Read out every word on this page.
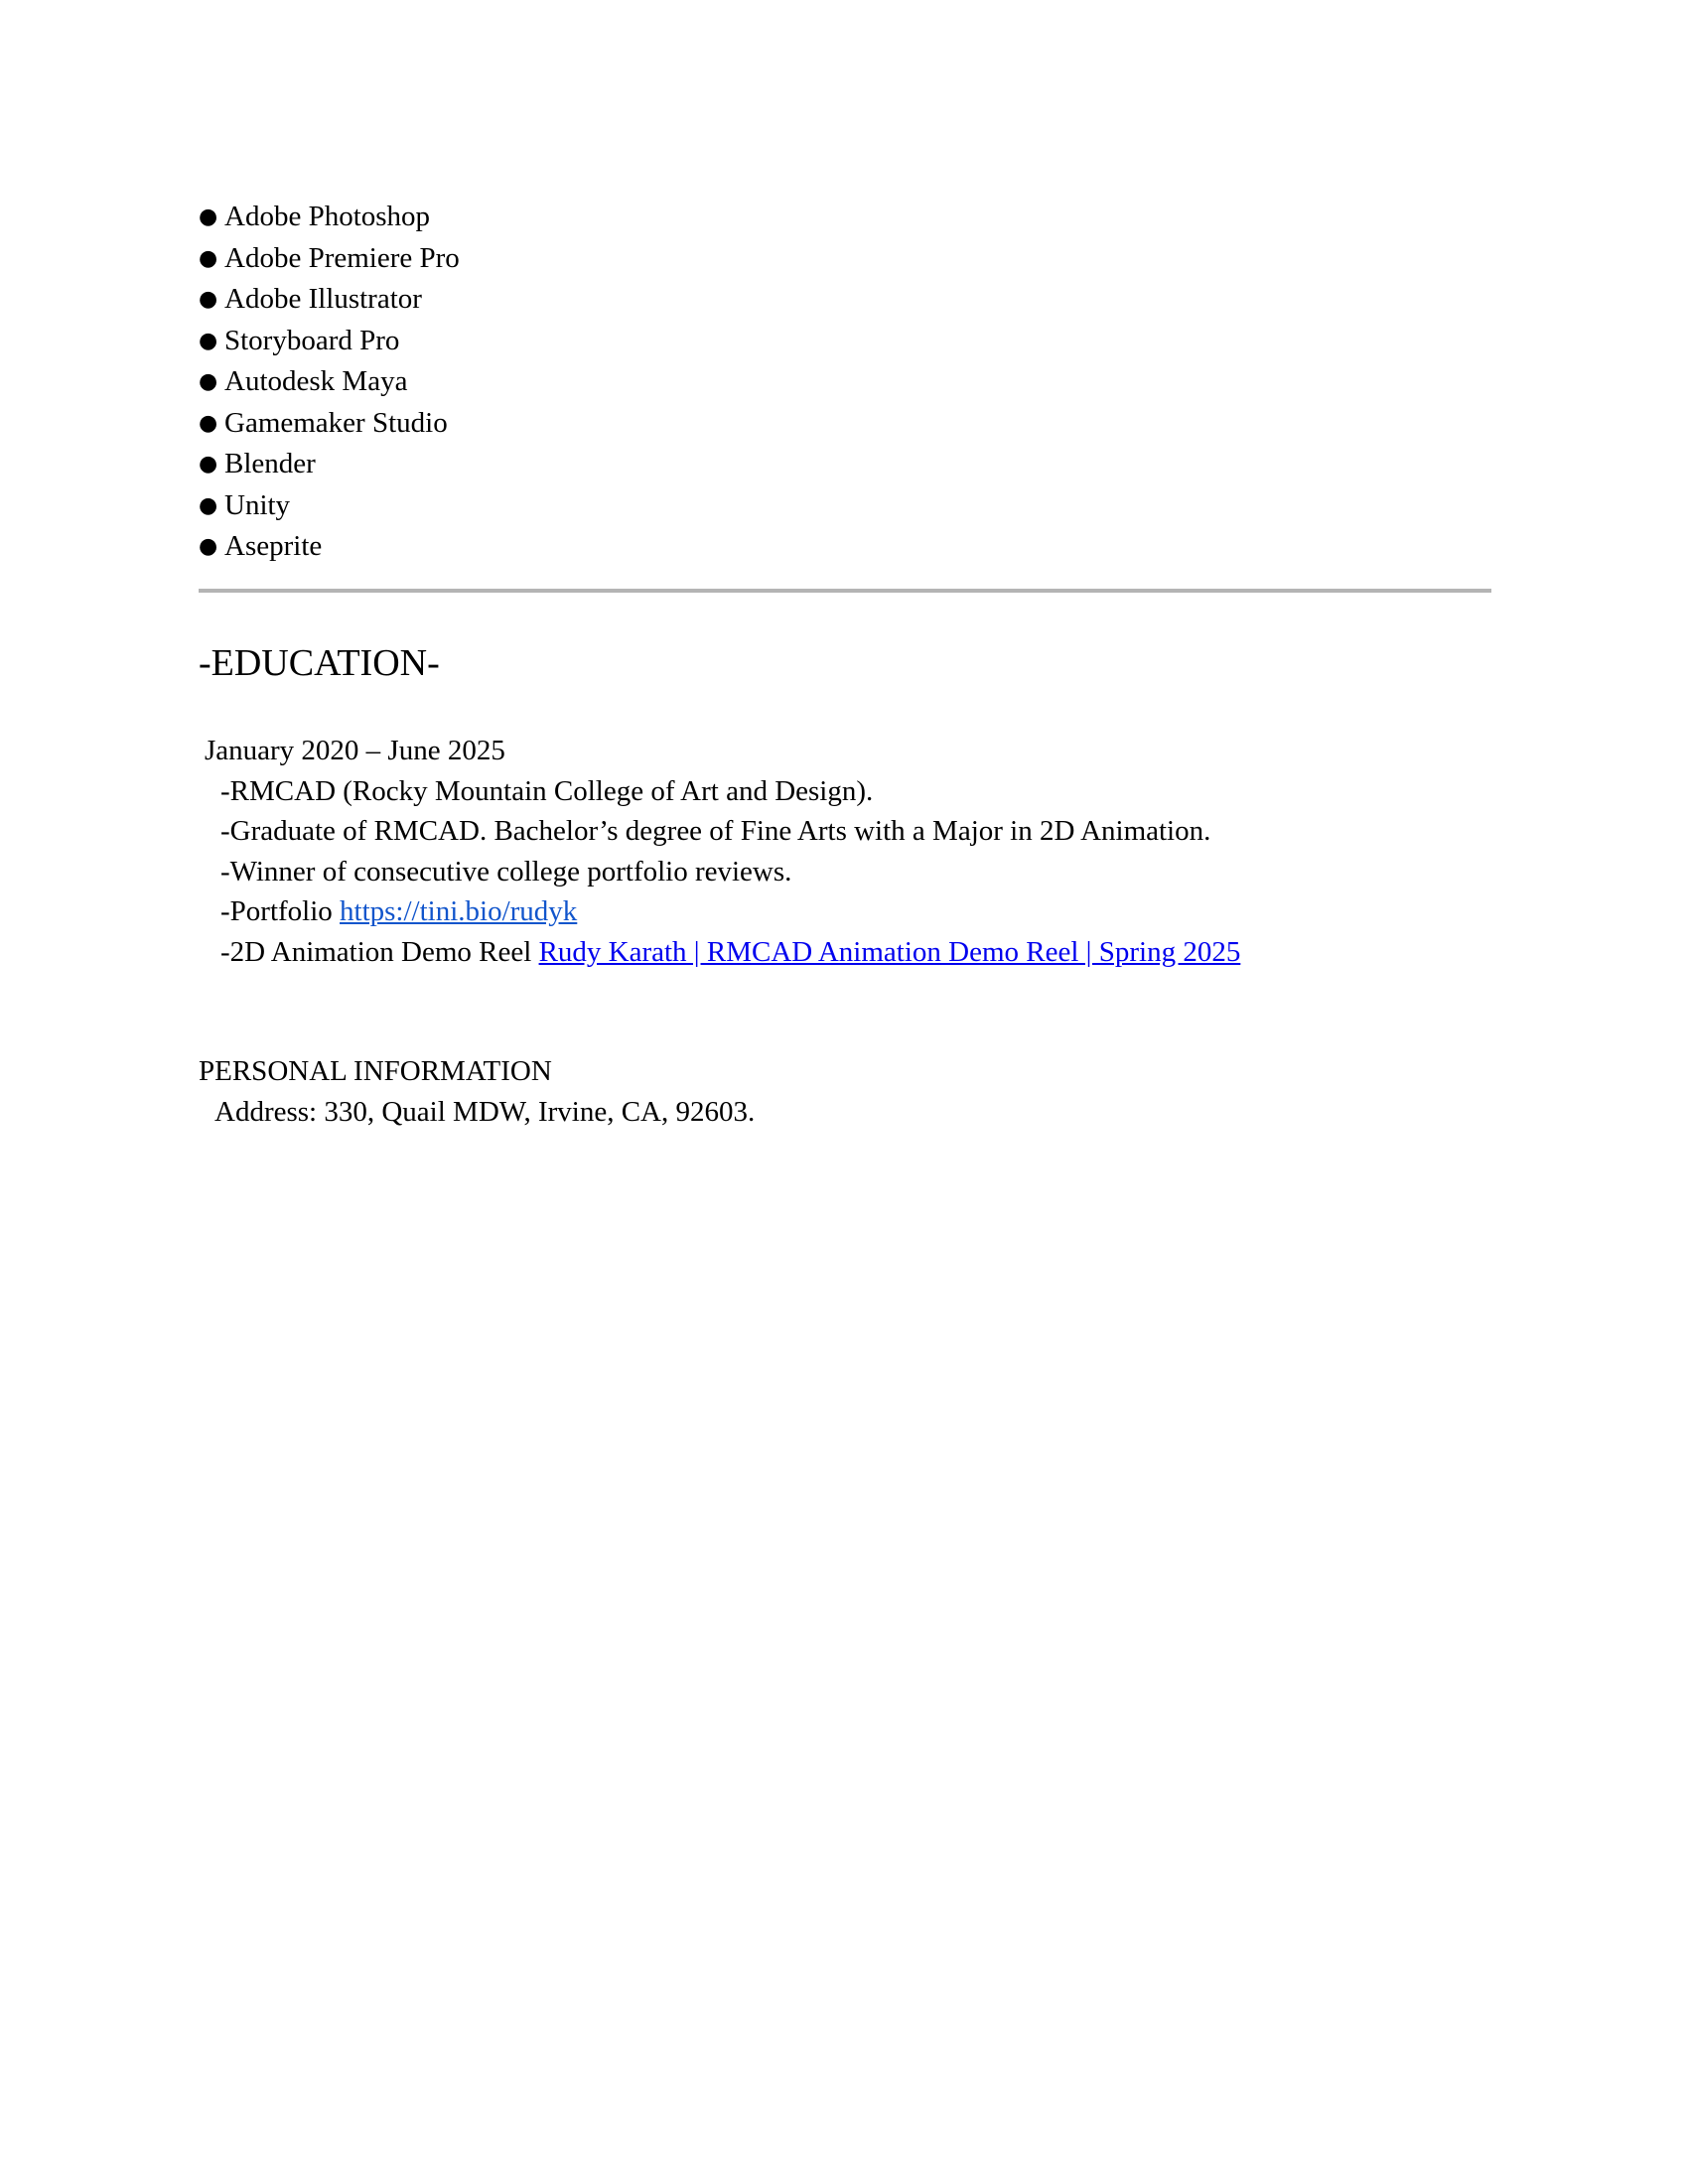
● Adobe Photoshop
● Adobe Premiere Pro
● Adobe Illustrator
● Storyboard Pro
● Autodesk Maya
● Gamemaker Studio
● Blender
● Unity
● Aseprite
-EDUCATION-
January 2020 – June 2025
-RMCAD (Rocky Mountain College of Art and Design).
-Graduate of RMCAD. Bachelor’s degree of Fine Arts with a Major in 2D Animation.
-Winner of consecutive college portfolio reviews.
-Portfolio https://tini.bio/rudyk
-2D Animation Demo Reel Rudy Karath | RMCAD Animation Demo Reel | Spring 2025
PERSONAL INFORMATION
Address: 330, Quail MDW, Irvine, CA, 92603.
